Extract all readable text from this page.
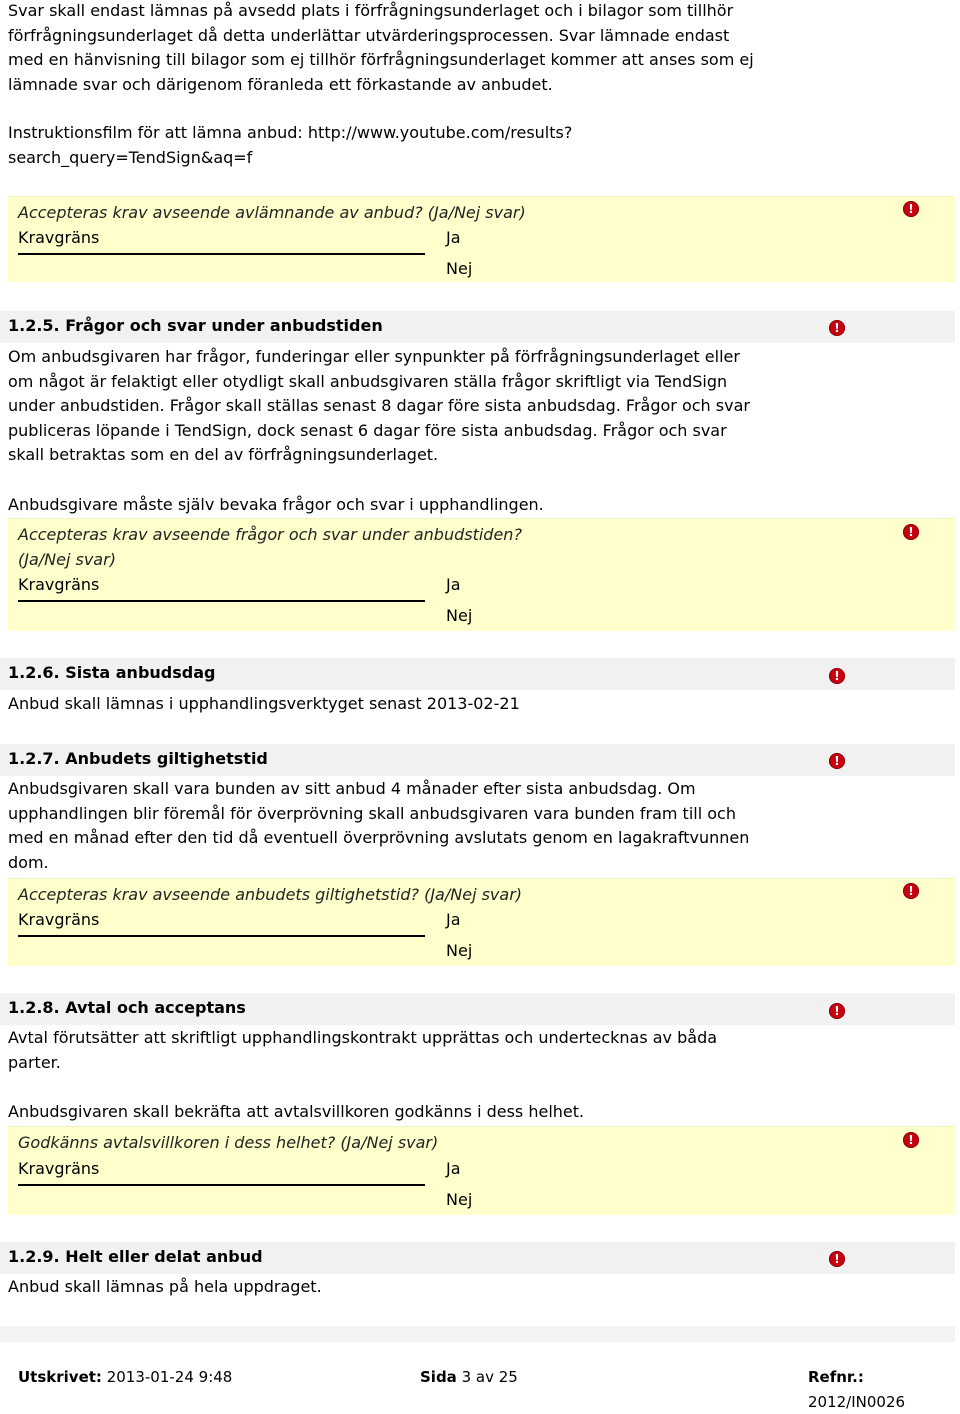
Svar skall endast lämnas på avsedd plats i förfrågningsunderlaget och i bilagor som tillhör

förfrågningsunderlaget då detta underlättar utvärderingsprocessen. Svar lämnade endast

med en hänvisning till bilagor som ej tillhör förfrågningsunderlaget kommer att anses som ej

lämnade svar och därigenom föranleda ett förkastande av anbudet.

Instruktionsfilm för att lämna anbud: http://www.youtube.com/results?

search_query=TendSign&aq=f

Accepteras krav avseende avlämnande av anbud? (Ja/Nej svar)

Kravgräns	Ja
Nej
!
1.2.5. Frågor och svar under anbudstiden	!

Om anbudsgivaren har frågor, funderingar eller synpunkter på förfrågningsunderlaget eller

om något är felaktigt eller otydligt skall anbudsgivaren ställa frågor skriftligt via TendSign

under anbudstiden. Frågor skall ställas senast 8 dagar före sista anbudsdag. Frågor och svar

publiceras löpande i TendSign, dock senast 6 dagar före sista anbudsdag. Frågor och svar

skall betraktas som en del av förfrågningsunderlaget.

Anbudsgivare måste själv bevaka frågor och svar i upphandlingen.

Accepteras krav avseende frågor och svar under anbudstiden?

(Ja/Nej svar)

Kravgräns	Ja
Nej
!
1.2.6. Sista anbudsdag	!

Anbud skall lämnas i upphandlingsverktyget senast 2013-02-21

1.2.7. Anbudets giltighetstid	!

Anbudsgivaren skall vara bunden av sitt anbud 4 månader efter sista anbudsdag. Om

upphandlingen blir föremål för överprövning skall anbudsgivaren vara bunden fram till och

med en månad efter den tid då eventuell överprövning avslutats genom en lagakraftvunnen

dom.

Accepteras krav avseende anbudets giltighetstid? (Ja/Nej svar)

Kravgräns	Ja
Nej
!
1.2.8. Avtal och acceptans	!

Avtal förutsätter att skriftligt upphandlingskontrakt upprättas och undertecknas av båda

parter.

Anbudsgivaren skall bekräfta att avtalsvillkoren godkänns i dess helhet.

Godkänns avtalsvillkoren i dess helhet? (Ja/Nej svar)

Kravgräns	Ja
Nej
!
1.2.9. Helt eller delat anbud	!

Anbud skall lämnas på hela uppdraget.

Utskrivet: 2013-01-24 9:48	Sida 3 av 25	Refnr.: 2012/IN0026
